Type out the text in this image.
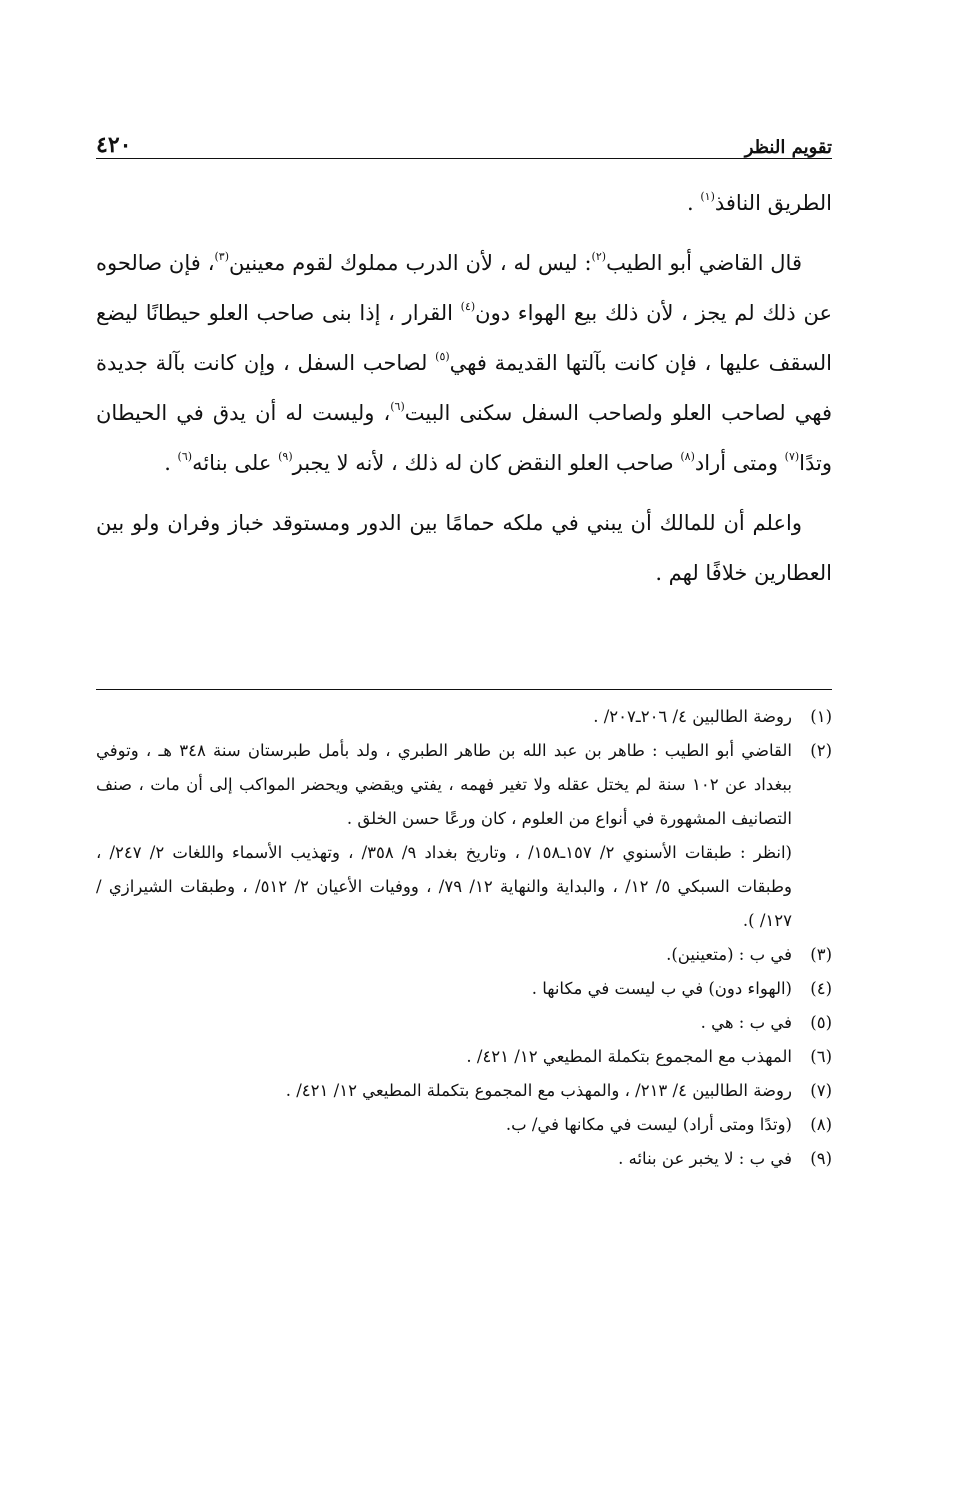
تقويم النظر
٤٢٠

الطريق النافذ$^{(١)}$ .

قال القاضي أبو الطيب$^{(٢)}$: ليس له ، لأن الدرب مملوك لقوم معينين$^{(٣)}$، فإن صالحوه عن ذلك لم يجز ، لأن ذلك بيع الهواء دون$^{(٤)}$ القرار ، إذا بنى صاحب العلو حيطانًا ليضع السقف عليها ، فإن كانت بآلتها القديمة فهي$^{(٥)}$ لصاحب السفل ، وإن كانت بآلة جديدة فهي لصاحب العلو ولصاحب السفل سكنى البيت$^{(٦)}$، وليست له أن يدق في الحيطان وتدًا$^{(٧)}$ ومتى أراد$^{(٨)}$ صاحب العلو النقض كان له ذلك ، لأنه لا يجبر$^{(٩)}$ على بنائه$^{(٦)}$ .

واعلم أن للمالك أن يبني في ملكه حمامًا بين الدور ومستوقد خباز وفران ولو بين العطارين خلافًا لهم .

(١)

روضة الطالبين ٤/ ٢٠٦ـ٢٠٧/ .

(٢)

القاضي أبو الطيب : طاهر بن عبد الله بن طاهر الطبري ، ولد بأمل طبرستان سنة ٣٤٨ هـ ، وتوفي ببغداد عن ١٠٢ سنة لم يختل عقله ولا تغير فهمه ، يفتي ويقضي ويحضر المواكب إلى أن مات ، صنف التصانيف المشهورة في أنواع من العلوم ، كان ورعًا حسن الخلق .

(انظر : طبقات الأسنوي ٢/ ١٥٧ـ١٥٨/ ، وتاريخ بغداد ٩/ ٣٥٨/ ، وتهذيب الأسماء واللغات ٢/ ٢٤٧/ ، وطبقات السبكي ٥/ ١٢/ ، والبداية والنهاية ١٢/ ٧٩/ ، ووفيات الأعيان ٢/ ٥١٢/ ، وطبقات الشيرازي / ١٢٧/ ).

(٣)

في ب : (متعينين).

(٤)

(الهواء دون) في ب ليست في مكانها .

(٥)

في ب : هي .

(٦)

المهذب مع المجموع بتكملة المطيعي ١٢/ ٤٢١/ .

(٧)

روضة الطالبين ٤/ ٢١٣/ ، والمهذب مع المجموع بتكملة المطيعي ١٢/ ٤٢١/ .

(٨)

(وتدًا ومتى أراد) ليست في مكانها في/ ب.

(٩)

في ب : لا يخبر عن بنائه .
